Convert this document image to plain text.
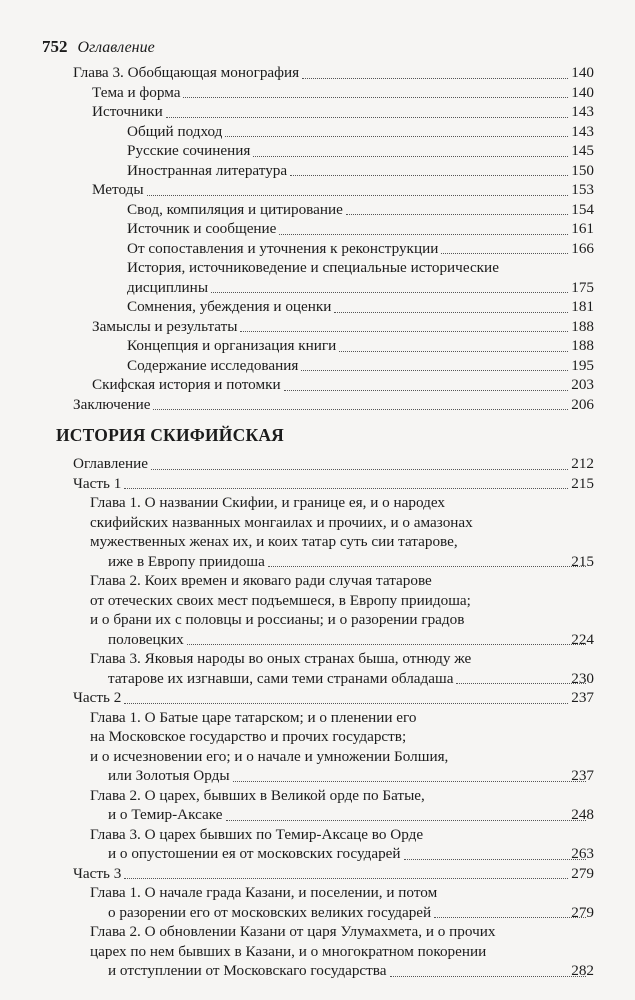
752 Оглавление
Глава 3. Обобщающая монография	140
Тема и форма	140
Источники	143
Общий подход	143
Русские сочинения	145
Иностранная литература	150
Методы	153
Свод, компиляция и цитирование	154
Источник и сообщение	161
От сопоставления и уточнения к реконструкции	166
История, источниковедение и специальные исторические
дисциплины	175
Сомнения, убеждения и оценки	181
Замыслы и результаты	188
Концепция и организация книги	188
Содержание исследования	195
Скифская история и потомки	203
Заключение	206
ИСТОРИЯ СКИФИЙСКАЯ
Оглавление	212
Часть 1	215
Глава 1. О названии Скифии, и границе ея, и о народех
скифийских названных монгаилах и прочиих, и о амазонах
мужественных женах их, и коих татар суть сии татарове,
иже в Европу приидоша	215
Глава 2. Коих времен и яковаго ради случая татарове
от отеческих своих мест подъемшеся, в Европу приидоша;
и о брани их с половцы и россианы; и о разорении градов
половецких	224
Глава 3. Яковыя народы во оных странах быша, отнюду же
татарове их изгнавши, сами теми странами обладаша	230
Часть 2	237
Глава 1. О Батые царе татарском; и о пленении его
на Московское государство и прочих государств;
и о исчезновении его; и о начале и умножении Болшия,
или Золотыя Орды	237
Глава 2. О царех, бывших в Великой орде по Батые,
и о Темир-Аксаке	248
Глава 3. О царех бывших по Темир-Аксаце во Орде
и о опустошении ея от московских государей	263
Часть 3	279
Глава 1. О начале града Казани, и поселении, и потом
о разорении его от московских великих государей	279
Глава 2. О обновлении Казани от царя Улумахмета, и о прочих
царех по нем бывших в Казани, и о многократном покорении
и отступлении от Московскаго государства	282
